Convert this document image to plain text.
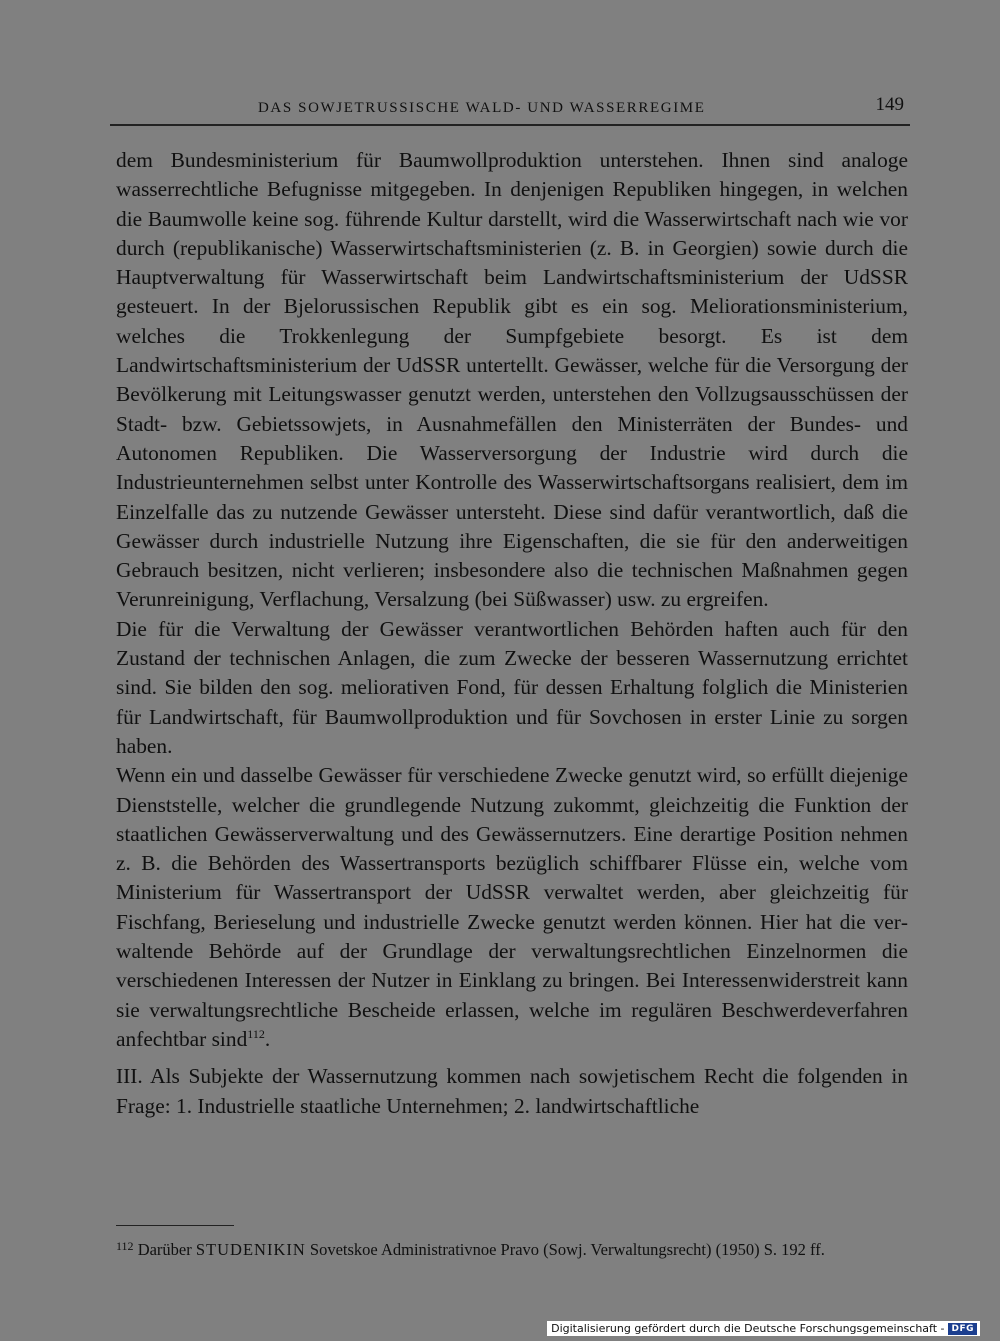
DAS SOWJETRUSSISCHE WALD- UND WASSERREGIME	149

dem Bundesministerium für Baumwollproduktion unterstehen. Ihnen sind analoge wasserrechtliche Befugnisse mitgegeben. In denjenigen Republiken hingegen, in welchen die Baumwolle keine sog. führende Kultur darstellt, wird die Wasserwirtschaft nach wie vor durch (republikanische) Wasserwirtschaftsministerien (z. B. in Georgien) sowie durch die Hauptverwaltung für Wasserwirtschaft beim Landwirtschaftsministerium der UdSSR gesteuert. In der Bjelorussischen Republik gibt es ein sog. Meliorationsministerium, welches die Trokkenlegung der Sumpfgebiete besorgt. Es ist dem Landwirtschaftsministerium der UdSSR untertellt. Gewässer, welche für die Versorgung der Bevölkerung mit Leitungswasser genutzt werden, unterstehen den Vollzugsausschüssen der Stadt- bzw. Gebietssowjets, in Ausnahmefällen den Ministerräten der Bundes- und Autonomen Republiken. Die Wasserversorgung der Industrie wird durch die Industrieunternehmen selbst unter Kontrolle des Wasserwirtschaftsorgans realisiert, dem im Einzelfalle das zu nutzende Gewässer untersteht. Diese sind dafür verantwortlich, daß die Gewässer durch industrielle Nutzung ihre Eigenschaften, die sie für den anderweitigen Gebrauch besitzen, nicht verlieren; insbesondere also die technischen Maßnahmen gegen Verunreinigung, Verflachung, Versalzung (bei Süßwasser) usw. zu ergreifen.

Die für die Verwaltung der Gewässer verantwortlichen Behörden haften auch für den Zustand der technischen Anlagen, die zum Zwecke der besseren Wassernutzung errichtet sind. Sie bilden den sog. meliorativen Fond, für dessen Erhaltung folglich die Ministerien für Landwirtschaft, für Baumwollproduktion und für Sovchosen in erster Linie zu sorgen haben.

Wenn ein und dasselbe Gewässer für verschiedene Zwecke genutzt wird, so erfüllt diejenige Dienststelle, welcher die grundlegende Nutzung zukommt, gleichzeitig die Funktion der staatlichen Gewässerverwaltung und des Gewässernutzers. Eine derartige Position nehmen z. B. die Behörden des Wassertransports bezüglich schiffbarer Flüsse ein, welche vom Ministerium für Wassertransport der UdSSR verwaltet werden, aber gleichzeitig für Fischfang, Berieselung und industrielle Zwecke genutzt werden können. Hier hat die verwaltende Behörde auf der Grundlage der verwaltungsrechtlichen Einzelnormen die verschiedenen Interessen der Nutzer in Einklang zu bringen. Bei Interessenwiderstreit kann sie verwaltungsrechtliche Bescheide erlassen, welche im regulären Beschwerdeverfahren anfechtbar sind$^{112}$.

III. Als Subjekte der Wassernutzung kommen nach sowjetischem Recht die folgenden in Frage: 1. Industrielle staatliche Unternehmen; 2. landwirtschaftliche

$^{112}$ Darüber STUDENIKIN Sovetskoe Administrativnoe Pravo (Sowj. Verwaltungsrecht) (1950) S. 192 ff.
Digitalisierung gefördert durch die Deutsche Forschungsgemeinschaft - DFG
